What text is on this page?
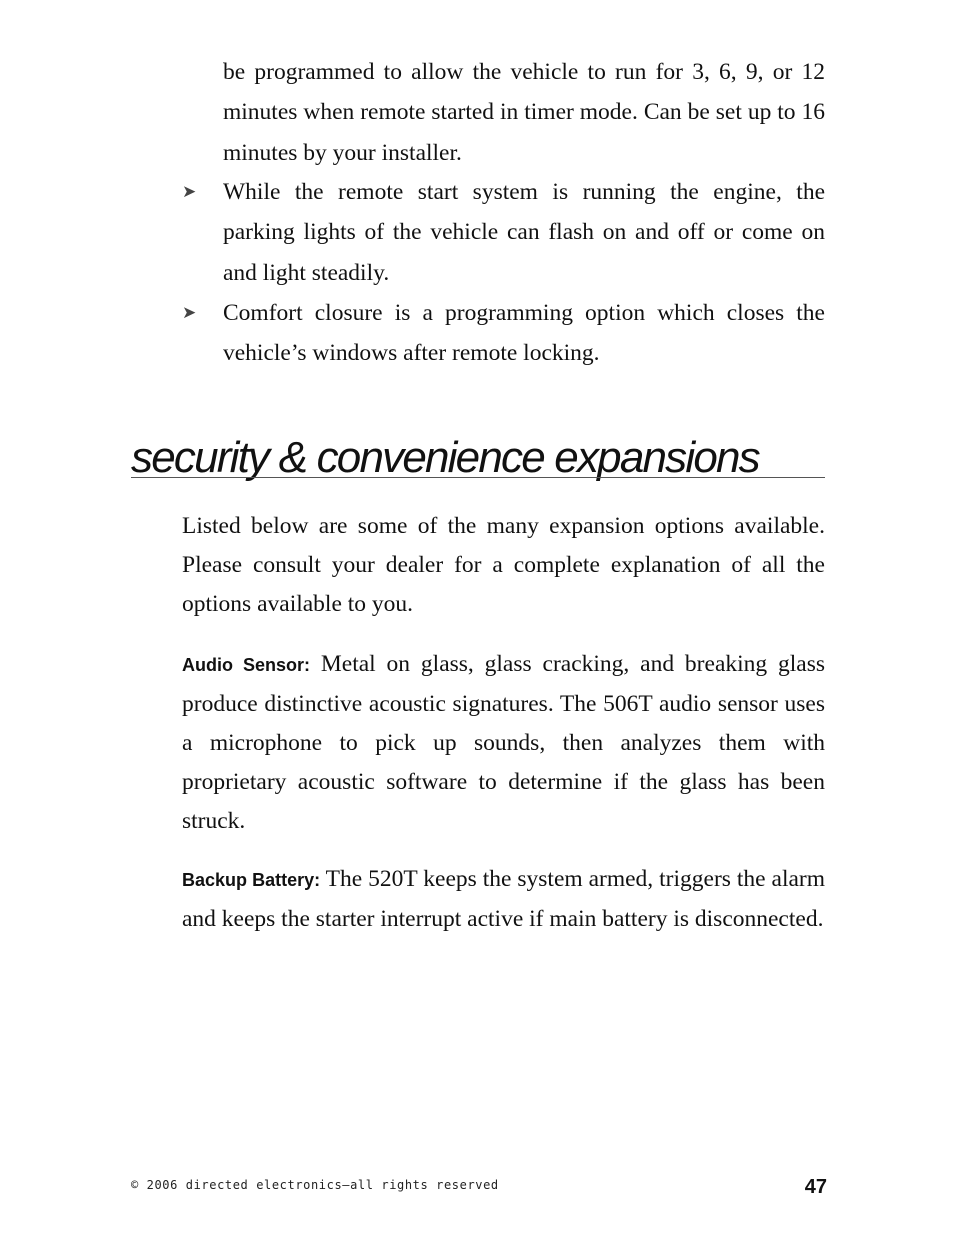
be programmed to allow the vehicle to run for 3, 6, 9, or 12 minutes when remote started in timer mode. Can be set up to 16 minutes by your installer.
➤	While the remote start system is running the engine, the parking lights of the vehicle can flash on and off or come on and light steadily.
➤	Comfort closure is a programming option which closes the vehicle’s windows after remote locking.
security & convenience expansions

Listed below are some of the many expansion options available. Please consult your dealer for a complete explanation of all the options available to you.

Audio Sensor: Metal on glass, glass cracking, and breaking glass produce distinctive acoustic signatures. The 506T audio sensor uses a microphone to pick up sounds, then analyzes them with proprietary acoustic software to determine if the glass has been struck.

Backup Battery: The 520T keeps the system armed, triggers the alarm and keeps the starter interrupt active if main battery is disconnected.

© 2006 directed electronics—all rights reserved	47
